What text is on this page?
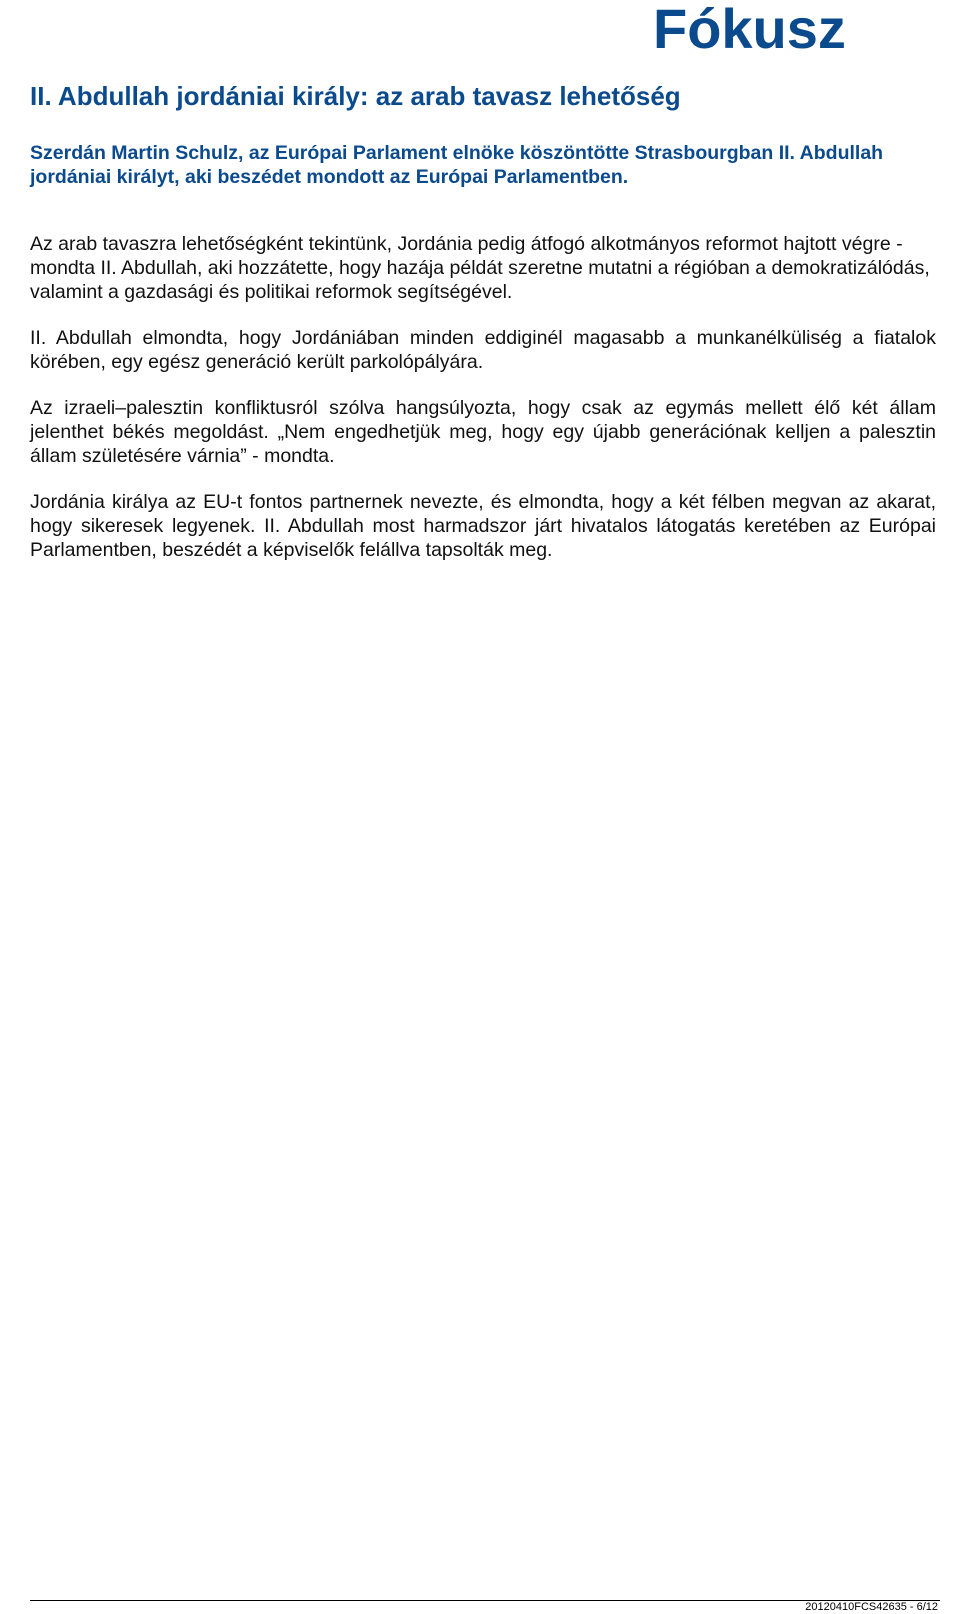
Fókusz
II. Abdullah jordániai király: az arab tavasz lehetőség

Szerdán Martin Schulz, az Európai Parlament elnöke köszöntötte Strasbourgban II. Abdullah jordániai királyt, aki beszédet mondott az Európai Parlamentben.

Az arab tavaszra lehetőségként tekintünk, Jordánia pedig átfogó alkotmányos reformot hajtott végre - mondta II. Abdullah, aki hozzátette, hogy hazája példát szeretne mutatni a régióban a demokratizálódás, valamint a gazdasági és politikai reformok segítségével.

II. Abdullah elmondta, hogy Jordániában minden eddiginél magasabb a munkanélküliség a fiatalok körében, egy egész generáció került parkolópályára.

Az izraeli–palesztin konfliktusról szólva hangsúlyozta, hogy csak az egymás mellett élő két állam jelenthet békés megoldást. „Nem engedhetjük meg, hogy egy újabb generációnak kelljen a palesztin állam születésére várnia” - mondta.

Jordánia királya az EU-t fontos partnernek nevezte, és elmondta, hogy a két félben megvan az akarat, hogy sikeresek legyenek. II. Abdullah most harmadszor járt hivatalos látogatás keretében az Európai Parlamentben, beszédét a képviselők felállva tapsolták meg.

20120410FCS42635 - 6/12
